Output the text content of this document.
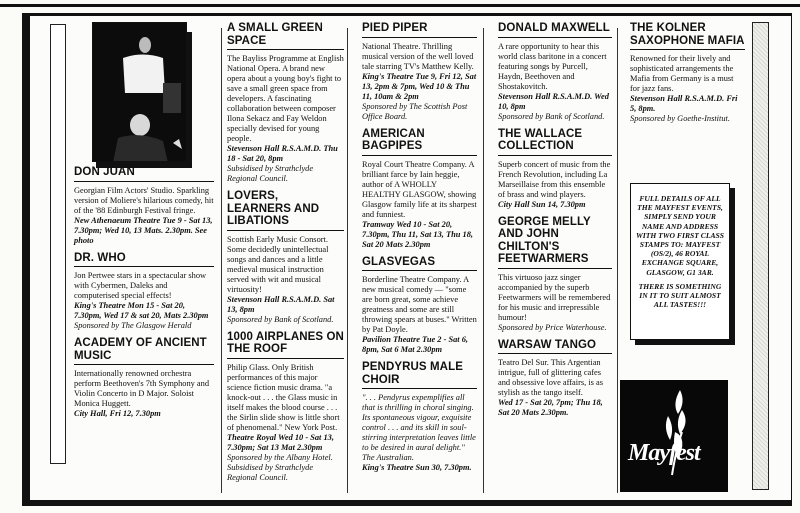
DON JUAN
Georgian Film Actors' Studio. Sparkling version of Moliere's hilarious comedy, hit of the '88 Edinburgh Festival fringe.
New Athenaeum Theatre Tue 9 - Sat 13, 7.30pm; Wed 10, 13 Mats. 2.30pm. See photo
DR. WHO
Jon Pertwee stars in a spectacular show with Cybermen, Daleks and computerised special effects!
King's Theatre Mon 15 - Sat 20, 7.30pm, Wed 17 & sat 20, Mats 2.30pm
Sponsored by The Glasgow Herald
ACADEMY OF ANCIENT MUSIC
Internationally renowned orchestra perform Beethoven's 7th Symphony and Violin Concerto in D Major. Soloist Monica Huggett.
City Hall, Fri 12, 7.30pm
A SMALL GREEN SPACE
The Bayliss Programme at English National Opera. A brand new opera about a young boy's fight to save a small green space from developers. A fascinating collaboration between composer Ilona Sekacz and Fay Weldon specially devised for young people.
Stevenson Hall R.S.A.M.D. Thu 18 - Sat 20, 8pm
Subsidised by Strathclyde Regional Council.
LOVERS, LEARNERS AND LIBATIONS
Scottish Early Music Consort. Some decidedly unintellectual songs and dances and a little medieval musical instruction served with wit and musical virtuosity!
Stevenson Hall R.S.A.M.D. Sat 13, 8pm
Sponsored by Bank of Scotland.
1000 AIRPLANES ON THE ROOF
Philip Glass. Only British performances of this major science fiction music drama. "a knock-out . . . the Glass music in itself makes the blood course . . . the Sirlin slide show is little short of phenomenal." New York Post.
Theatre Royal Wed 10 - Sat 13, 7.30pm; Sat 13 Mat 2.30pm
Sponsored by the Albany Hotel. Subsidised by Strathclyde Regional Council.
PIED PIPER
National Theatre. Thrilling musical version of the well loved tale starring TV's Matthew Kelly.
King's Theatre Tue 9, Fri 12, Sat 13, 2pm & 7pm, Wed 10 & Thu 11, 10am & 2pm
Sponsored by The Scottish Post Office Board.
AMERICAN BAGPIPES
Royal Court Theatre Company. A brilliant farce by Iain heggie, author of A WHOLLY HEALTHY GLASGOW, showing Glasgow family life at its sharpest and funniest.
Tramway Wed 10 - Sat 20, 7.30pm, Thu 11, Sat 13, Thu 18, Sat 20 Mats 2.30pm
GLASVEGAS
Borderline Theatre Company. A new musical comedy — "some are born great, some achieve greatness and some are still throwing spears at buses." Written by Pat Doyle.
Pavilion Theatre Tue 2 - Sat 6, 8pm, Sat 6 Mat 2.30pm
PENDYRUS MALE CHOIR
". . . Pendyrus expemplifies all that is thrilling in choral singing. Its spontaneous vigour, exquisite control . . . and its skill in soul-stirring interpretation leaves little to be desired in aural delight." The Australian.
King's Theatre Sun 30, 7.30pm.
DONALD MAXWELL
A rare opportunity to hear this world class baritone in a concert featuring songs by Purcell, Haydn, Beethoven and Shostakovitch.
Stevenson Hall R.S.A.M.D. Wed 10, 8pm
Sponsored by Bank of Scotland.
THE WALLACE COLLECTION
Superb concert of music from the French Revolution, including La Marseillaise from this ensemble of brass and wind players.
City Hall Sun 14, 7.30pm
GEORGE MELLY AND JOHN CHILTON'S FEETWARMERS
This virtuoso jazz singer accompanied by the superb Feetwarmers will be remembered for his music and irrepressible humour!
Sponsored by Price Waterhouse.
WARSAW TANGO
Teatro Del Sur. This Argentian intrigue, full of glittering cafes and obsessive love affairs, is as stylish as the tango itself.
Wed 17 - Sat 20, 7pm; Thu 18, Sat 20 Mats 2.30pm.
THE KOLNER SAXOPHONE MAFIA
Renowned for their lively and sophisticated arrangements the Mafia from Germany is a must for jazz fans.
Stevenson Hall R.S.A.M.D. Fri 5, 8pm.
Sponsored by Goethe-Institut.
FULL DETAILS OF ALL THE MAYFEST EVENTS, SIMPLY SEND YOUR NAME AND ADDRESS WITH TWO FIRST CLASS STAMPS TO: MAYFEST (OS/2), 46 ROYAL EXCHANGE SQUARE, GLASGOW, G1 3AR.
THERE IS SOMETHING IN IT TO SUIT ALMOST ALL TASTES!!!
Mayfest
